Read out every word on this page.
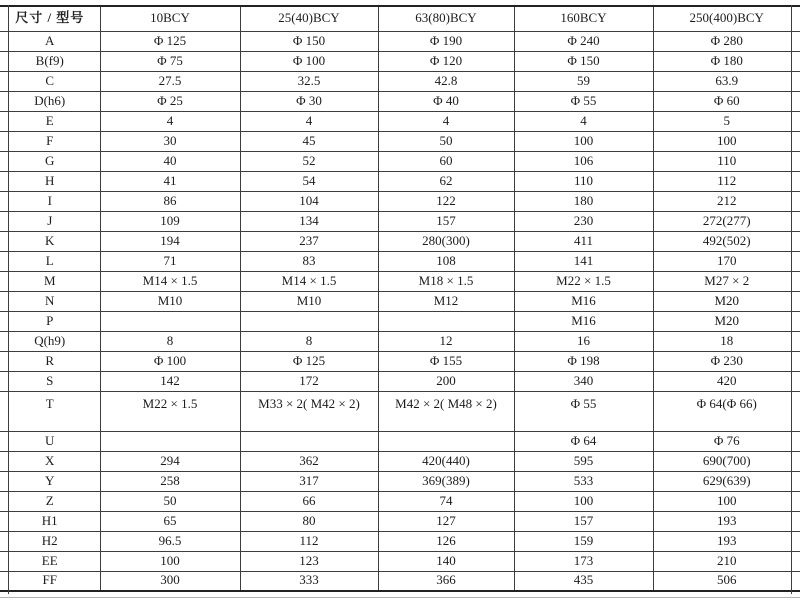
尺寸 / 型号	10BCY	25(40)BCY	63(80)BCY	160BCY	250(400)BCY
A	Φ 125	Φ 150	Φ 190	Φ 240	Φ 280
B(f9)	Φ 75	Φ 100	Φ 120	Φ 150	Φ 180
C	27.5	32.5	42.8	59	63.9
D(h6)	Φ 25	Φ 30	Φ 40	Φ 55	Φ 60
E	4	4	4	4	5
F	30	45	50	100	100
G	40	52	60	106	110
H	41	54	62	110	112
I	86	104	122	180	212
J	109	134	157	230	272(277)
K	194	237	280(300)	411	492(502)
L	71	83	108	141	170
M	M14 × 1.5	M14 × 1.5	M18 × 1.5	M22 × 1.5	M27 × 2
N	M10	M10	M12	M16	M20
P				M16	M20
Q(h9)	8	8	12	16	18
R	Φ 100	Φ 125	Φ 155	Φ 198	Φ 230
S	142	172	200	340	420
T	M22 × 1.5	M33 × 2( M42 × 2)	M42 × 2( M48 × 2)	Φ 55	Φ 64(Φ 66)
U				Φ 64	Φ 76
X	294	362	420(440)	595	690(700)
Y	258	317	369(389)	533	629(639)
Z	50	66	74	100	100
H1	65	80	127	157	193
H2	96.5	112	126	159	193
EE	100	123	140	173	210
FF	300	333	366	435	506
